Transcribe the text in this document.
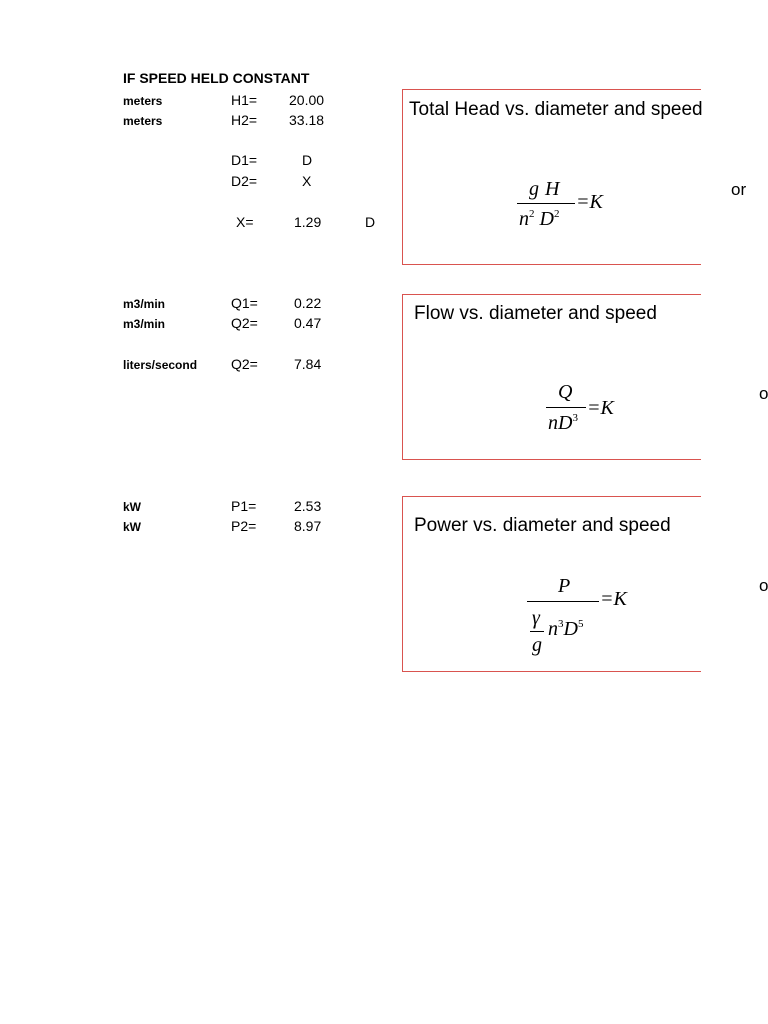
IF SPEED HELD CONSTANT
meters	H1= 20.00
meters	H2= 33.18
D1=	D
D2=	X
X=	1.29	D
m3/min	Q1=	0.22
m3/min	Q2=	0.47
liters/second Q2=	7.84
kW	P1=	2.53
kW	P2=	8.97
Total Head vs. diameter and speed
g H
$n^2$ $D^2$
=K
or
Flow vs. diameter and speed
Q
$nD^3 =K$
o
Power vs. diameter and speed
P
γ
g
$n^3D^5$
=K
o
